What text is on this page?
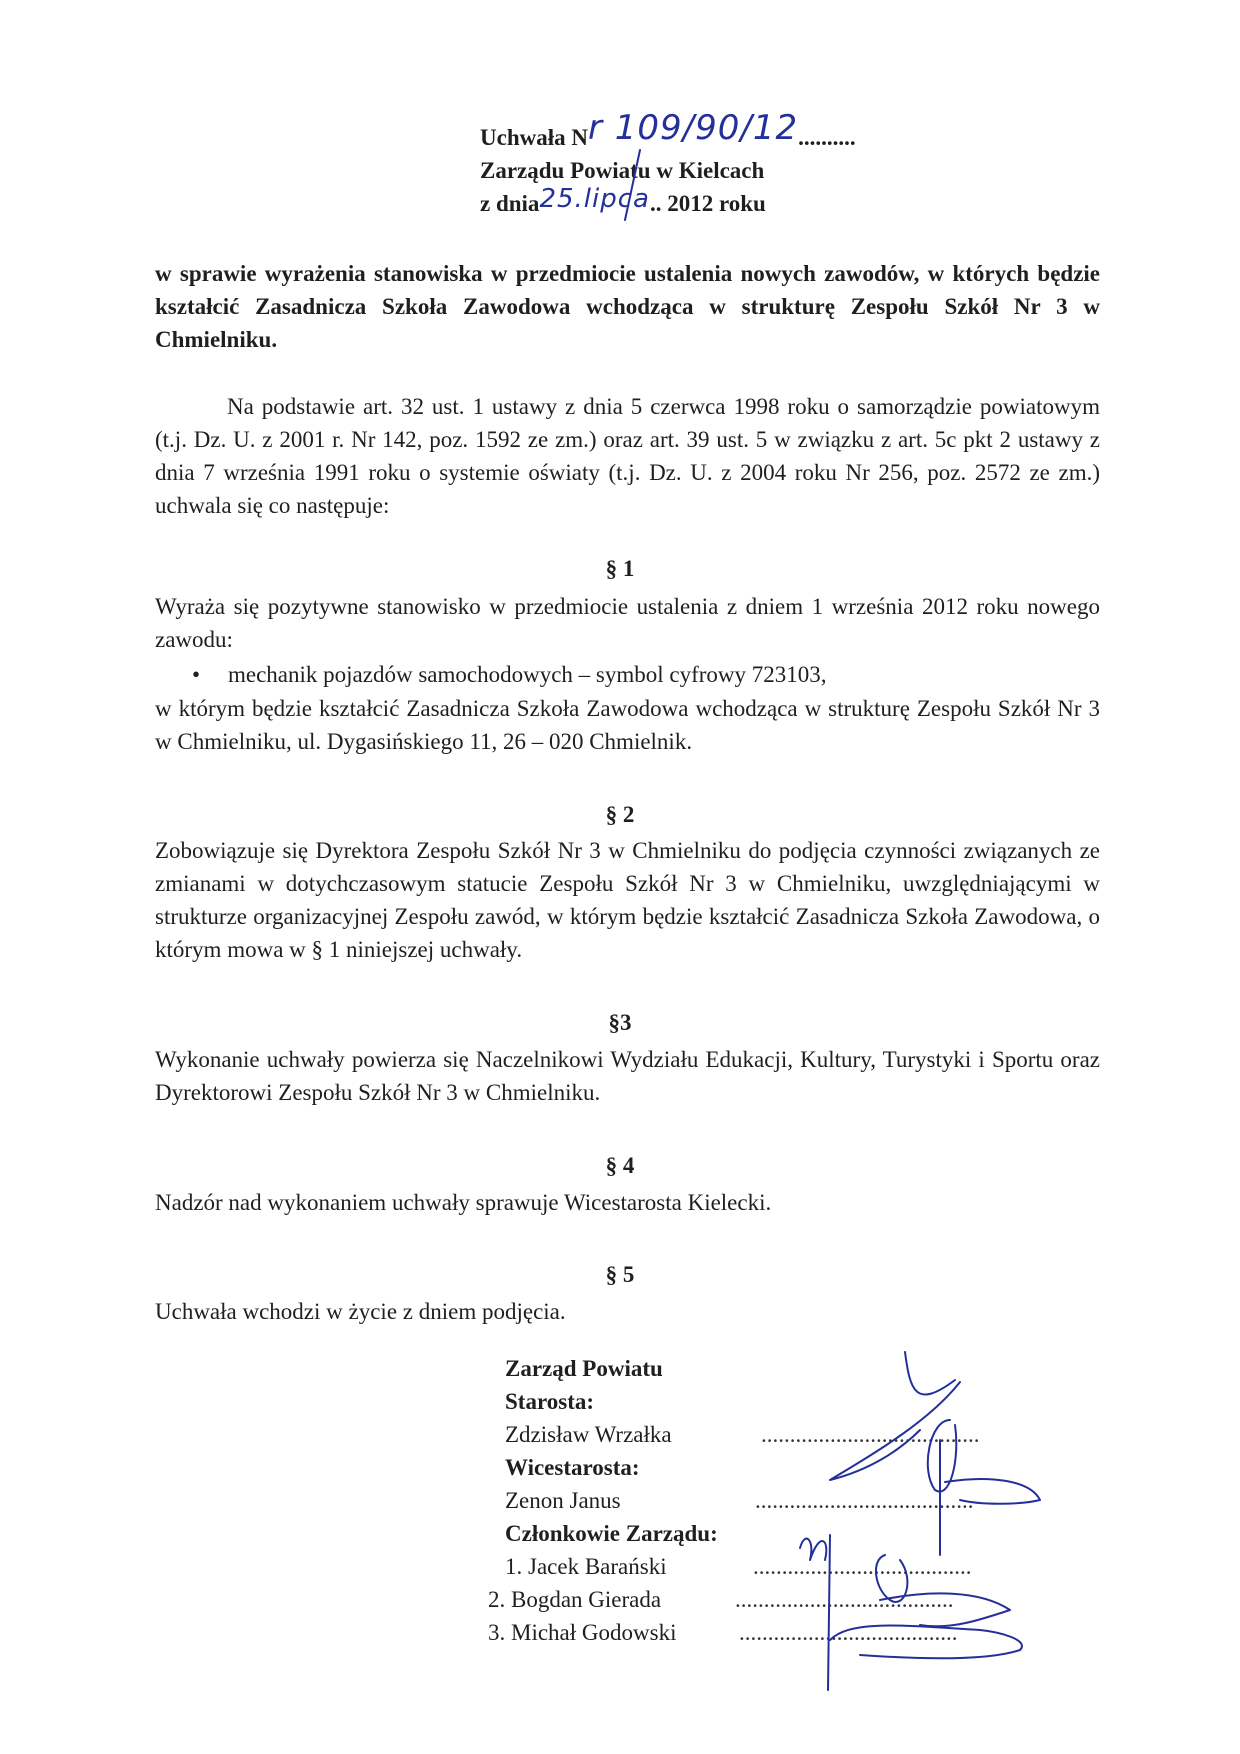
Uchwała Nr 109/90/12..........
Zarządu Powiatu w Kielcach
z dnia25.lipca.. 2012 roku
w sprawie wyrażenia stanowiska w przedmiocie ustalenia nowych zawodów, w których będzie kształcić Zasadnicza Szkoła Zawodowa wchodząca w strukturę Zespołu Szkół Nr 3 w Chmielniku.
Na podstawie art. 32 ust. 1 ustawy z dnia 5 czerwca 1998 roku o samorządzie powiatowym (t.j. Dz. U. z 2001 r. Nr 142, poz. 1592 ze zm.) oraz art. 39 ust. 5 w związku z art. 5c pkt 2 ustawy z dnia 7 września 1991 roku o systemie oświaty (t.j. Dz. U. z 2004 roku Nr 256, poz. 2572 ze zm.) uchwala się co następuje:
§ 1
Wyraża się pozytywne stanowisko w przedmiocie ustalenia z dniem 1 września 2012 roku nowego zawodu:
• mechanik pojazdów samochodowych – symbol cyfrowy 723103,
w którym będzie kształcić Zasadnicza Szkoła Zawodowa wchodząca w strukturę Zespołu Szkół Nr 3 w Chmielniku, ul. Dygasińskiego 11, 26 – 020 Chmielnik.
§ 2
Zobowiązuje się Dyrektora Zespołu Szkół Nr 3 w Chmielniku do podjęcia czynności związanych ze zmianami w dotychczasowym statucie Zespołu Szkół Nr 3 w Chmielniku, uwzględniającymi w strukturze organizacyjnej Zespołu zawód, w którym będzie kształcić Zasadnicza Szkoła Zawodowa, o którym mowa w § 1 niniejszej uchwały.
§3
Wykonanie uchwały powierza się Naczelnikowi Wydziału Edukacji, Kultury, Turystyki i Sportu oraz Dyrektorowi Zespołu Szkół Nr 3 w Chmielniku.
§ 4
Nadzór nad wykonaniem uchwały sprawuje Wicestarosta Kielecki.
§ 5
Uchwała wchodzi w życie z dniem podjęcia.
Zarząd Powiatu
Starosta:
Zdzisław Wrzałka	......................................
Wicestarosta:
Zenon Janus	......................................
Członkowie Zarządu:
1. Jacek Barański	......................................
2. Bogdan Gierada	......................................
3. Michał Godowski	......................................
